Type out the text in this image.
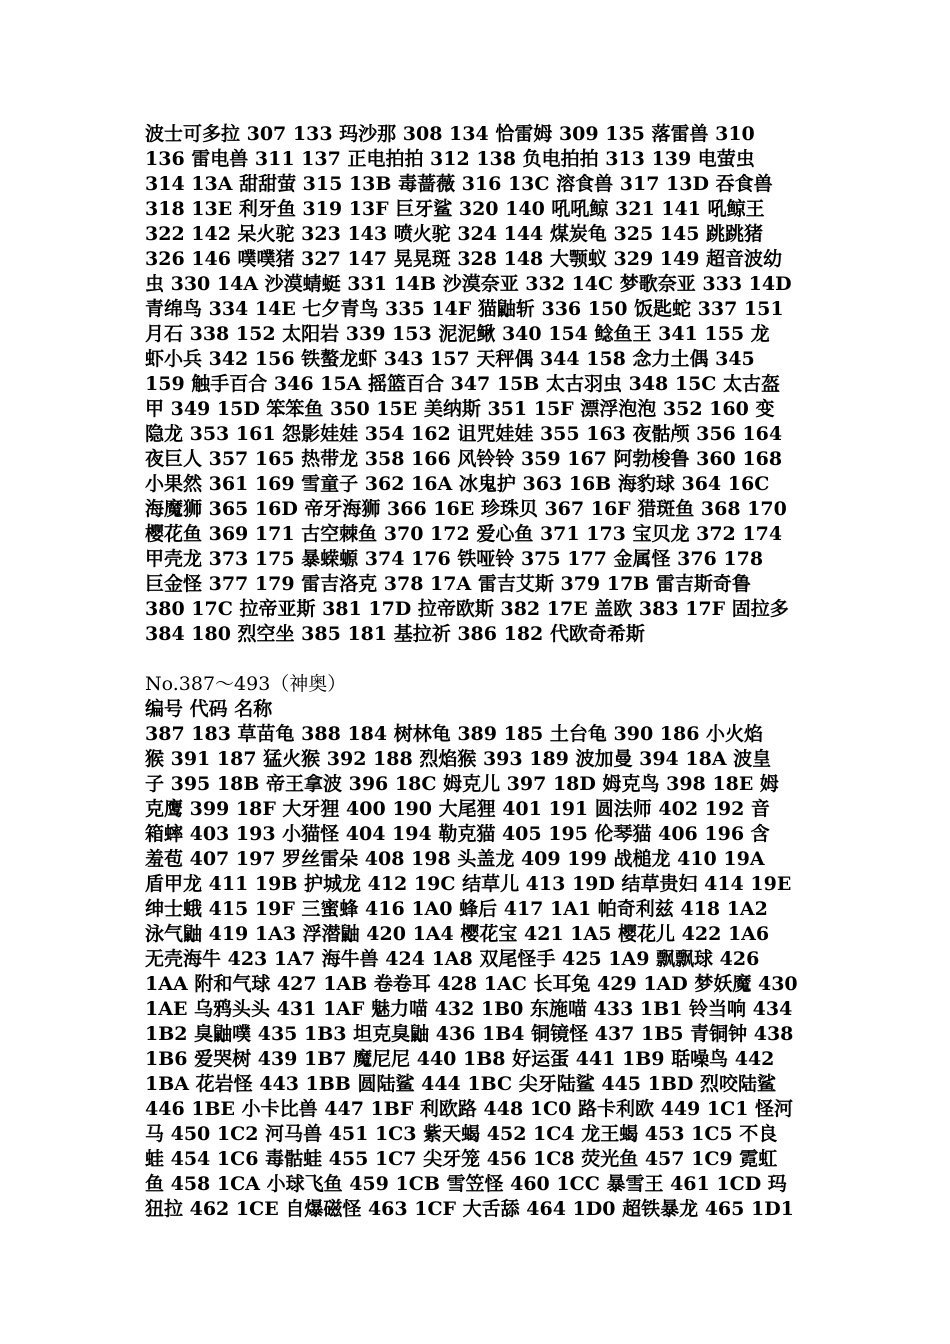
波士可多拉 307 133 玛沙那 308 134 恰雷姆 309 135 落雷兽 310
136 雷电兽 311 137 正电拍拍 312 138 负电拍拍 313 139 电萤虫
314 13A 甜甜萤 315 13B 毒蔷薇 316 13C 溶食兽 317 13D 吞食兽
318 13E 利牙鱼 319 13F 巨牙鲨 320 140 吼吼鲸 321 141 吼鲸王
322 142 呆火驼 323 143 喷火驼 324 144 煤炭龟 325 145 跳跳猪
326 146 噗噗猪 327 147 晃晃斑 328 148 大颚蚁 329 149 超音波幼
虫 330 14A 沙漠蜻蜓 331 14B 沙漠奈亚 332 14C 梦歌奈亚 333 14D
青绵鸟 334 14E 七夕青鸟 335 14F 猫鼬斩 336 150 饭匙蛇 337 151
月石 338 152 太阳岩 339 153 泥泥鳅 340 154 鲶鱼王 341 155 龙
虾小兵 342 156 铁螯龙虾 343 157 天秤偶 344 158 念力土偶 345
159 触手百合 346 15A 摇篮百合 347 15B 太古羽虫 348 15C 太古盔
甲 349 15D 笨笨鱼 350 15E 美纳斯 351 15F 漂浮泡泡 352 160 变
隐龙 353 161 怨影娃娃 354 162 诅咒娃娃 355 163 夜骷颅 356 164
夜巨人 357 165 热带龙 358 166 风铃铃 359 167 阿勃梭鲁 360 168
小果然 361 169 雪童子 362 16A 冰鬼护 363 16B 海豹球 364 16C
海魔狮 365 16D 帝牙海狮 366 16E 珍珠贝 367 16F 猎斑鱼 368 170
樱花鱼 369 171 古空棘鱼 370 172 爱心鱼 371 173 宝贝龙 372 174
甲壳龙 373 175 暴蝾螈 374 176 铁哑铃 375 177 金属怪 376 178
巨金怪 377 179 雷吉洛克 378 17A 雷吉艾斯 379 17B 雷吉斯奇鲁
380 17C 拉帝亚斯 381 17D 拉帝欧斯 382 17E 盖欧 383 17F 固拉多
384 180 烈空坐 385 181 基拉祈 386 182 代欧奇希斯
No.387～493（神奥）
编号 代码 名称
387 183 草苗龟 388 184 树林龟 389 185 土台龟 390 186 小火焰
猴 391 187 猛火猴 392 188 烈焰猴 393 189 波加曼 394 18A 波皇
子 395 18B 帝王拿波 396 18C 姆克儿 397 18D 姆克鸟 398 18E 姆
克鹰 399 18F 大牙狸 400 190 大尾狸 401 191 圆法师 402 192 音
箱蟀 403 193 小猫怪 404 194 勒克猫 405 195 伦琴猫 406 196 含
羞苞 407 197 罗丝雷朵 408 198 头盖龙 409 199 战槌龙 410 19A
盾甲龙 411 19B 护城龙 412 19C 结草儿 413 19D 结草贵妇 414 19E
绅士蛾 415 19F 三蜜蜂 416 1A0 蜂后 417 1A1 帕奇利兹 418 1A2
泳气鼬 419 1A3 浮潜鼬 420 1A4 樱花宝 421 1A5 樱花儿 422 1A6
无壳海牛 423 1A7 海牛兽 424 1A8 双尾怪手 425 1A9 飘飘球 426
1AA 附和气球 427 1AB 卷卷耳 428 1AC 长耳兔 429 1AD 梦妖魔 430
1AE 乌鸦头头 431 1AF 魅力喵 432 1B0 东施喵 433 1B1 铃当响 434
1B2 臭鼬噗 435 1B3 坦克臭鼬 436 1B4 铜镜怪 437 1B5 青铜钟 438
1B6 爱哭树 439 1B7 魔尼尼 440 1B8 好运蛋 441 1B9 聒噪鸟 442
1BA 花岩怪 443 1BB 圆陆鲨 444 1BC 尖牙陆鲨 445 1BD 烈咬陆鲨
446 1BE 小卡比兽 447 1BF 利欧路 448 1C0 路卡利欧 449 1C1 怪河
马 450 1C2 河马兽 451 1C3 紫天蝎 452 1C4 龙王蝎 453 1C5 不良
蛙 454 1C6 毒骷蛙 455 1C7 尖牙笼 456 1C8 荧光鱼 457 1C9 霓虹
鱼 458 1CA 小球飞鱼 459 1CB 雪笠怪 460 1CC 暴雪王 461 1CD 玛
狃拉 462 1CE 自爆磁怪 463 1CF 大舌舔 464 1D0 超铁暴龙 465 1D1
